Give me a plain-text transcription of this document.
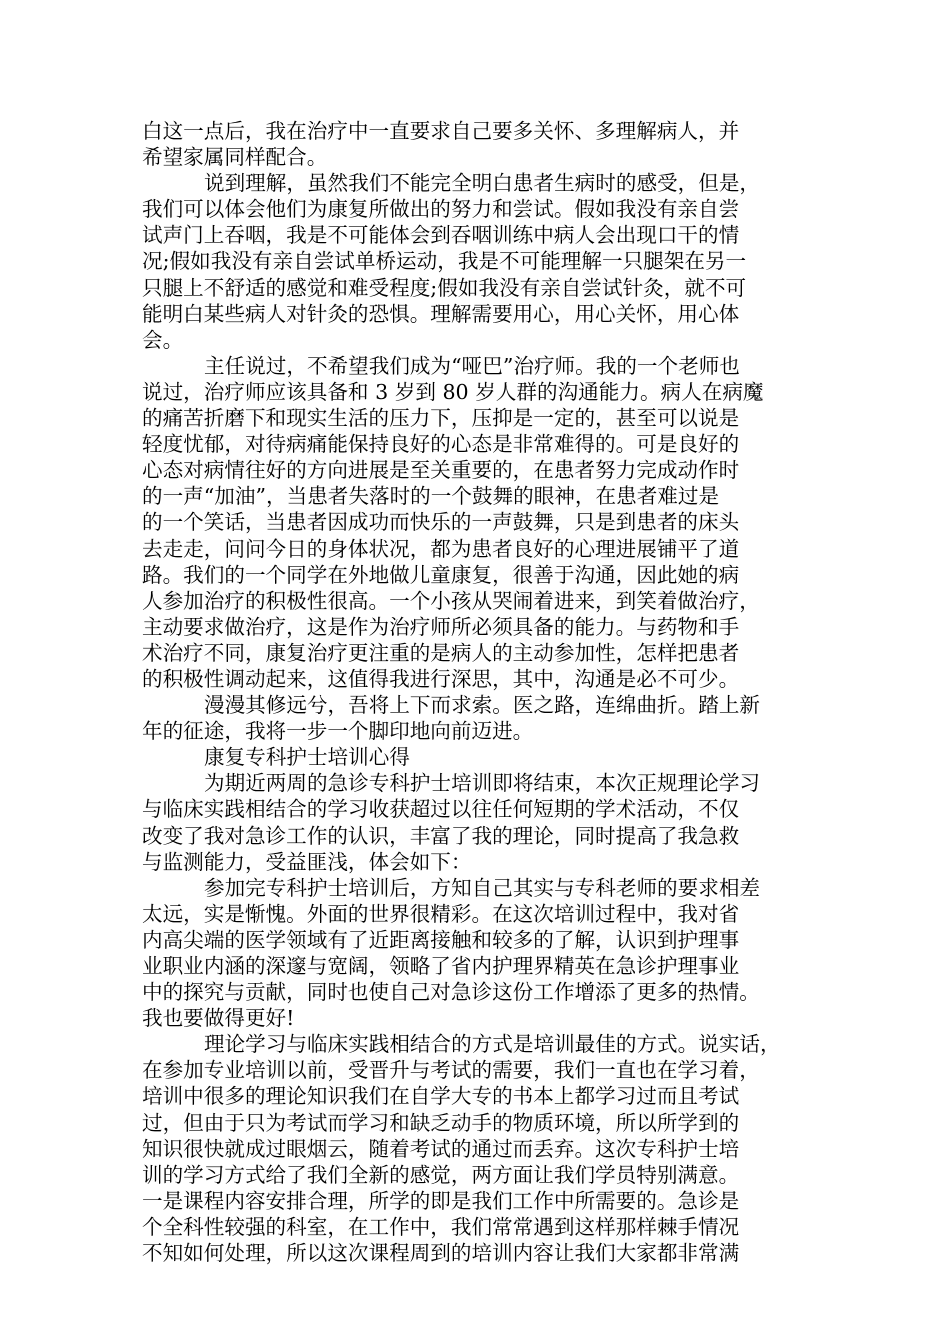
白这一点后，我在治疗中一直要求自己要多关怀、多理解病人，并
希望家属同样配合。
说到理解，虽然我们不能完全明白患者生病时的感受，但是，
我们可以体会他们为康复所做出的努力和尝试。假如我没有亲自尝
试声门上吞咽，我是不可能体会到吞咽训练中病人会出现口干的情
况;假如我没有亲自尝试单桥运动，我是不可能理解一只腿架在另一
只腿上不舒适的感觉和难受程度;假如我没有亲自尝试针灸，就不可
能明白某些病人对针灸的恐惧。理解需要用心，用心关怀，用心体
会。
主任说过，不希望我们成为“哑巴”治疗师。我的一个老师也
说过，治疗师应该具备和 3 岁到 80 岁人群的沟通能力。病人在病魔
的痛苦折磨下和现实生活的压力下，压抑是一定的，甚至可以说是
轻度忧郁，对待病痛能保持良好的心态是非常难得的。可是良好的
心态对病情往好的方向进展是至关重要的，在患者努力完成动作时
的一声“加油”，当患者失落时的一个鼓舞的眼神，在患者难过是
的一个笑话，当患者因成功而快乐的一声鼓舞，只是到患者的床头
去走走，问问今日的身体状况，都为患者良好的心理进展铺平了道
路。我们的一个同学在外地做儿童康复，很善于沟通，因此她的病
人参加治疗的积极性很高。一个小孩从哭闹着进来，到笑着做治疗，
主动要求做治疗，这是作为治疗师所必须具备的能力。与药物和手
术治疗不同，康复治疗更注重的是病人的主动参加性，怎样把患者
的积极性调动起来，这值得我进行深思，其中，沟通是必不可少。
漫漫其修远兮，吾将上下而求索。医之路，连绵曲折。踏上新
年的征途，我将一步一个脚印地向前迈进。
康复专科护士培训心得
为期近两周的急诊专科护士培训即将结束，本次正规理论学习
与临床实践相结合的学习收获超过以往任何短期的学术活动，不仅
改变了我对急诊工作的认识，丰富了我的理论，同时提高了我急救
与监测能力，受益匪浅，体会如下：
参加完专科护士培训后，方知自己其实与专科老师的要求相差
太远，实是惭愧。外面的世界很精彩。在这次培训过程中，我对省
内高尖端的医学领域有了近距离接触和较多的了解，认识到护理事
业职业内涵的深邃与宽阔，领略了省内护理界精英在急诊护理事业
中的探究与贡献，同时也使自己对急诊这份工作增添了更多的热情。
我也要做得更好!
理论学习与临床实践相结合的方式是培训最佳的方式。说实话，
在参加专业培训以前，受晋升与考试的需要，我们一直也在学习着，
培训中很多的理论知识我们在自学大专的书本上都学习过而且考试
过，但由于只为考试而学习和缺乏动手的物质环境，所以所学到的
知识很快就成过眼烟云，随着考试的通过而丢弃。这次专科护士培
训的学习方式给了我们全新的感觉，两方面让我们学员特别满意。
一是课程内容安排合理，所学的即是我们工作中所需要的。急诊是
个全科性较强的科室，在工作中，我们常常遇到这样那样棘手情况
不知如何处理，所以这次课程周到的培训内容让我们大家都非常满
